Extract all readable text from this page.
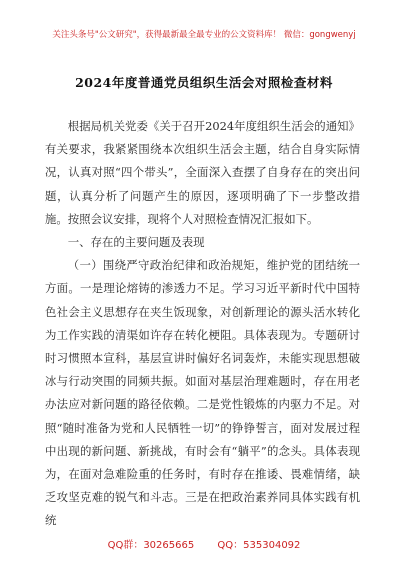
关注头条号"公文研究"，获得最新最全最专业的公文资料库！ 微信：gongwenyj
2024年度普通党员组织生活会对照检查材料

根据局机关党委《关于召开2024年度组织生活会的通知》有关要求，我紧紧围绕本次组织生活会主题，结合自身实际情况，认真对照“四个带头”，全面深入查摆了自身存在的突出问题，认真分析了问题产生的原因，逐项明确了下一步整改措施。按照会议安排，现将个人对照检查情况汇报如下。

一、存在的主要问题及表现

（一）围绕严守政治纪律和政治规矩，维护党的团结统一方面。一是理论熔铸的渗透力不足。学习习近平新时代中国特色社会主义思想存在夹生饭现象，对创新理论的源头活水转化为工作实践的清渠如许存在转化梗阻。具体表现为。专题研讨时习惯照本宣科，基层宣讲时偏好名词轰炸，未能实现思想破冰与行动突围的同频共振。如面对基层治理难题时，存在用老办法应对新问题的路径依赖。二是党性锻炼的内驱力不足。对照“随时准备为党和人民牺牲一切”的铮铮誓言，面对发展过程中出现的新问题、新挑战，有时会有“躺平”的念头。具体表现为，在面对急难险重的任务时，有时存在推诿、畏难情绪，缺乏攻坚克难的锐气和斗志。三是在把政治素养同具体实践有机统

QQ群：30265665 QQ：535304092
